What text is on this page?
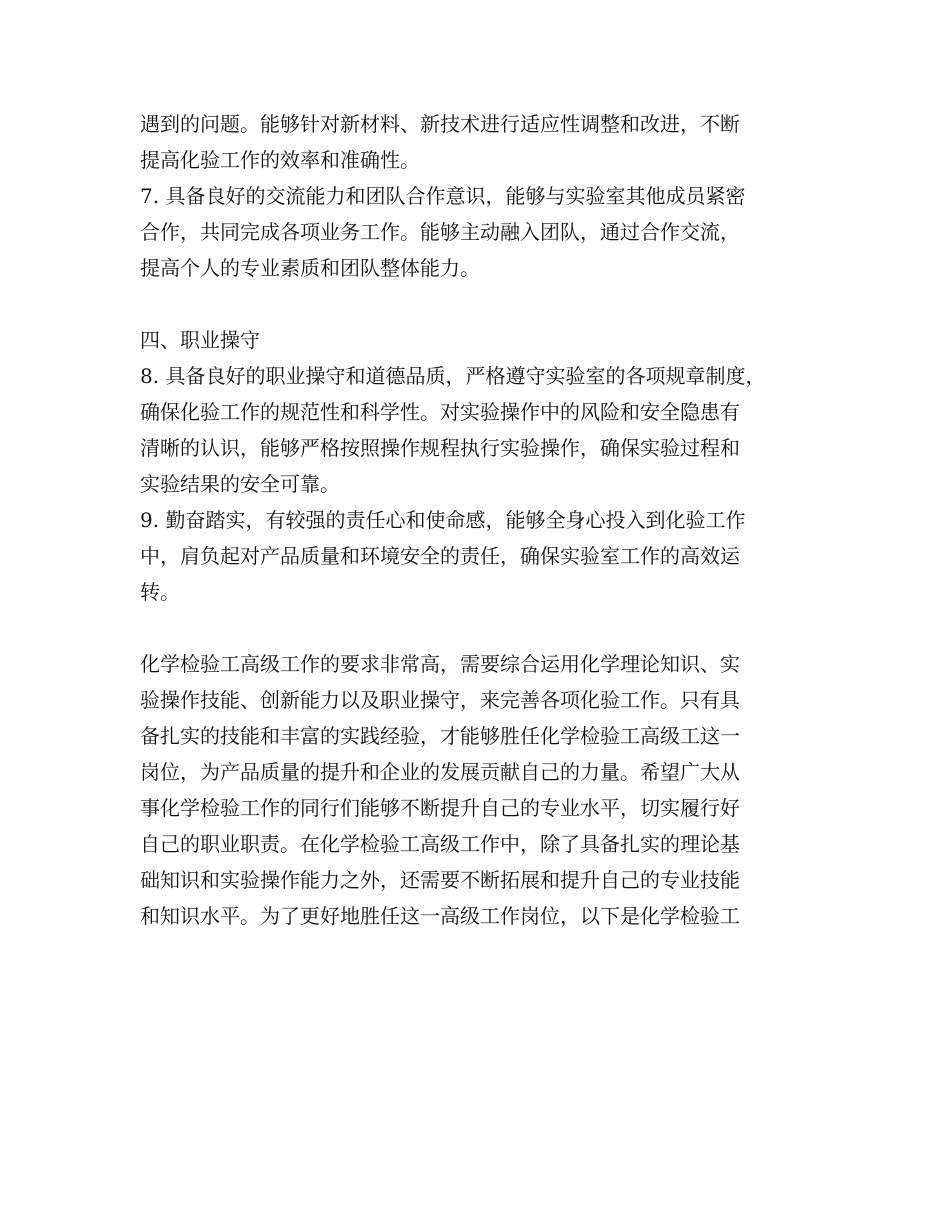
遇到的问题。能够针对新材料、新技术进行适应性调整和改进，不断
提高化验工作的效率和准确性。
7. 具备良好的交流能力和团队合作意识，能够与实验室其他成员紧密
合作，共同完成各项业务工作。能够主动融入团队，通过合作交流，
提高个人的专业素质和团队整体能力。
四、职业操守
8. 具备良好的职业操守和道德品质，严格遵守实验室的各项规章制度，
确保化验工作的规范性和科学性。对实验操作中的风险和安全隐患有
清晰的认识，能够严格按照操作规程执行实验操作，确保实验过程和
实验结果的安全可靠。
9. 勤奋踏实，有较强的责任心和使命感，能够全身心投入到化验工作
中，肩负起对产品质量和环境安全的责任，确保实验室工作的高效运
转。
化学检验工高级工作的要求非常高，需要综合运用化学理论知识、实
验操作技能、创新能力以及职业操守，来完善各项化验工作。只有具
备扎实的技能和丰富的实践经验，才能够胜任化学检验工高级工这一
岗位，为产品质量的提升和企业的发展贡献自己的力量。希望广大从
事化学检验工作的同行们能够不断提升自己的专业水平，切实履行好
自己的职业职责。在化学检验工高级工作中，除了具备扎实的理论基
础知识和实验操作能力之外，还需要不断拓展和提升自己的专业技能
和知识水平。为了更好地胜任这一高级工作岗位，以下是化学检验工
